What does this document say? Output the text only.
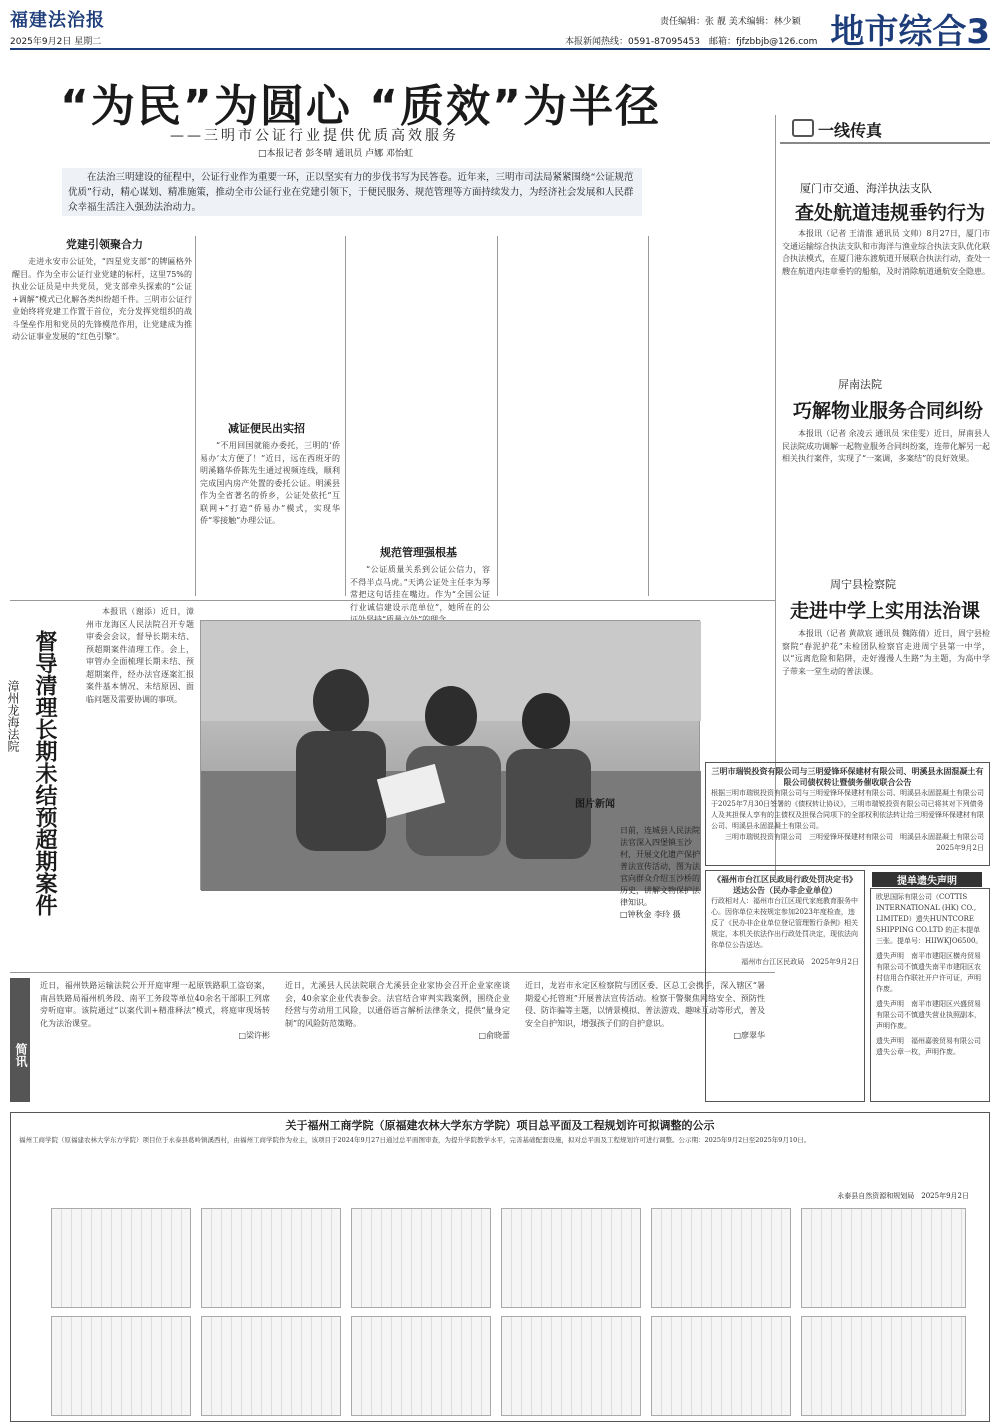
福建法治报
2025年9月2日 星期二
责任编辑：张 靓 美术编辑：林少颖
本报新闻热线：0591-87095453　邮箱：fjfzbbjb@126.com 地市综合3
“为民”为圆心 “质效”为半径
——三明市公证行业提供优质高效服务
□本报记者 彭冬晴 通讯员 卢娜 邓怡虹
在法治三明建设的征程中，公证行业作为重要一环，正以坚实有力的步伐书写为民答卷。近年来，三明市司法局紧紧围绕“公证规范优质”行动，精心谋划、精准施策，推动全市公证行业在党建引领下，于便民服务、规范管理等方面持续发力，为经济社会发展和人民群众幸福生活注入强劲法治动力。
党建引领聚合力

走进永安市公证处，“四星党支部”的牌匾格外醒目。作为全市公证行业党建的标杆，这里75%的执业公证员是中共党员，党支部牵头探索的“公证+调解”模式已化解各类纠纷超千件。三明市公证行业始终将党建工作置于首位，充分发挥党组织的战斗堡垒作用和党员的先锋模范作用，让党建成为推动公证事业发展的“红色引擎”。

减证便民出实招

“不用回国就能办委托，三明的‘侨易办’太方便了！”近日，远在西班牙的明溪籍华侨陈先生通过视频连线，顺利完成国内房产处置的委托公证。明溪县作为全省著名的侨乡，公证处依托“互联网+”打造“侨易办”模式，实现华侨“零接触”办理公证。

规范管理强根基

“公证质量关系到公证公信力，容不得半点马虎。”天鸿公证处主任李为琴常把这句话挂在嘴边。作为“全国公证行业诚信建设示范单位”，她所在的公

一线传真
厦门市交通、海洋执法支队
查处航道违规垂钓行为

本报讯（记者 王清淮 通讯员 文帅）8月27日，厦门市交通运输综合执法支队和市海洋与渔业综合执法支队优化联合执法模式，在厦门港东渡航道开展联合执法行动，查处一艘在航道内违章垂钓的船舶，及时消除航道通航安全隐患。

屏南法院
巧解物业服务合同纠纷

本报讯（记者 余凌云 通讯员 宋佳雯）近日，屏南县人民法院成功调解一起物业服务合同纠纷案，连带化解另一起相关执行案件，实现了“一案调，多案结”的良好效果。

周宁县检察院
走进中学上实用法治课

本报讯（记者 黄歆宸 通讯员 魏陈倩）近日，周宁县检察院“春泥护花”未检团队检察官走进周宁县第一中学，以“远离危险和陷阱，走好漫漫人生路”为主题，为高中学子带来一堂生动的普法课。

督导清理长期未结预超期案件
漳州龙海法院

本报讯（谢添）近日，漳州市龙海区人民法院召开专题审委会会议，督导长期未结、预超期案件清理工作。会上，审管办全面梳理长期未结、预超期案件，经办法官逐案汇报案件基本情况、未结原因、面临问题及需要协调的事项。

图片新闻
日前，连城县人民法院法官深入四堡镇玉沙村，开展文化遗产保护普法宣传活动，图为法官向群众介绍玉沙桥的历史，讲解文物保护法律知识。
□钟秋金 李玲 摄
简讯

近日，福州铁路运输法院公开开庭审理一起原铁路职工盗窃案，南昌铁路局福州机务段、南平工务段等单位40余名干部职工列席旁听庭审。该院通过“以案代训+精准释法”模式，将庭审现场转化为法治课堂。

□梁许彬

近日，尤溪县人民法院联合尤溪县企业家协会召开企业家座谈会，40余家企业代表参会。法官结合审判实践案例，围绕企业经营与劳动用工风险，以通俗语言解析法律条文，提供“量身定制”的风险防范策略。

□俞晓蕾

近日，龙岩市永定区检察院与团区委、区总工会携手，深入辖区“暑期爱心托管班”开展普法宣传活动。检察干警聚焦网络安全、预防性侵、防诈骗等主题，以情景模拟、普法游戏、趣味互动等形式，普及安全自护知识，增强孩子们的自护意识。

□廖翠华

三明市瑞锐投资有限公司与三明爱锋环保建材有限公司、明溪县永固混凝土有限公司债权转让暨债务催收联合公告
根据三明市瑞锐投资有限公司与三明爱锋环保建材有限公司、明溪县永固混凝土有限公司于2025年7月30日签署的《债权转让协议》，三明市瑞锐投资有限公司已将其对下列债务人及其担保人享有的主债权及担保合同项下的全部权利依法转让给三明爱锋环保建材有限公司、明溪县永固混凝土有限公司。
三明市瑞锐投资有限公司　三明爱锋环保建材有限公司　明溪县永固混凝土有限公司　2025年9月2日
《福州市台江区民政局行政处罚决定书》送达公告（民办非企业单位）
行政相对人：福州市台江区现代家庭教育服务中心。因你单位未按规定参加2023年度检查，违反了《民办非企业单位登记管理暂行条例》相关规定，本机关依法作出行政处罚决定，现依法向你单位公告送达。
福州市台江区民政局　2025年9月2日
提单遗失声明
欧思国际有限公司（COTTIS INTERNATIONAL (HK) CO., LIMITED）遗失HUNTCORE SHIPPING CO.LTD 的正本提单三张。提单号：HIIWKJO6500。
遗失声明　南平市建阳区横舟贸易有限公司不慎遗失南平市建阳区农村信用合作联社开户许可证，声明作废。
遗失声明　南平市建阳区兴盛贸易有限公司不慎遗失营业执照副本，声明作废。
遗失声明　福州嘉骏贸易有限公司遗失公章一枚，声明作废。
关于福州工商学院（原福建农林大学东方学院）项目总平面及工程规划许可拟调整的公示
福州工商学院（原福建农林大学东方学院）项目位于永泰县葛岭镇溪西村，由福州工商学院作为业主，该项目于2024年9月27日通过总平面图审查，为提升学院教学水平，完善基础配套设施，拟对总平面及工程规划许可进行调整。公示期：2025年9月2日至2025年9月10日。
永泰县自然资源和规划局　2025年9月2日
